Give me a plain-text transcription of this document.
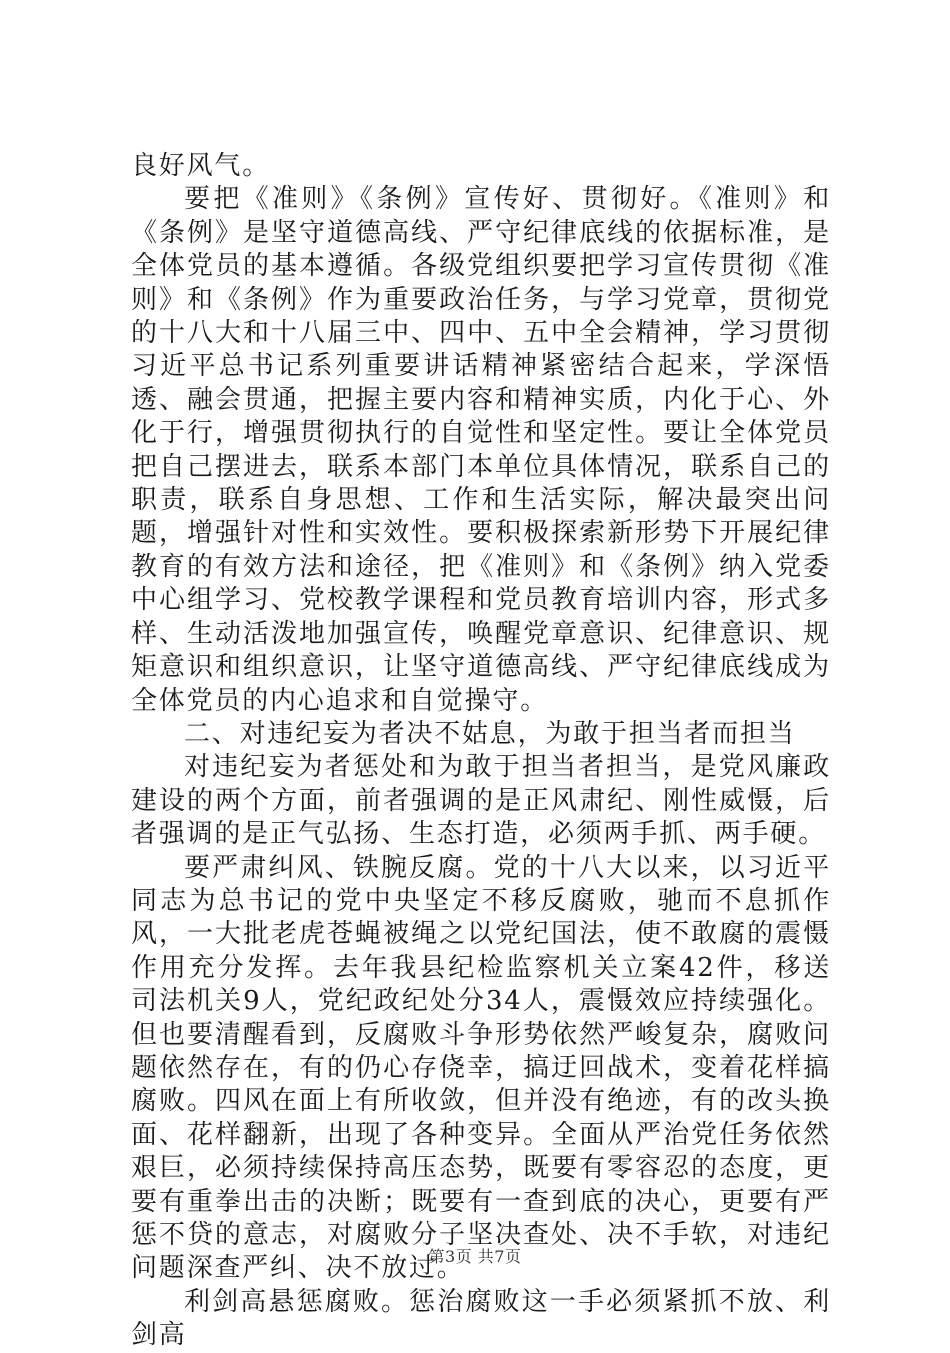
良好风气。

要把《准则》《条例》宣传好、贯彻好。《准则》和《条例》是坚守道德高线、严守纪律底线的依据标准，是全体党员的基本遵循。各级党组织要把学习宣传贯彻《准则》和《条例》作为重要政治任务，与学习党章，贯彻党的十八大和十八届三中、四中、五中全会精神，学习贯彻习近平总书记系列重要讲话精神紧密结合起来，学深悟透、融会贯通，把握主要内容和精神实质，内化于心、外化于行，增强贯彻执行的自觉性和坚定性。要让全体党员把自己摆进去，联系本部门本单位具体情况，联系自己的职责，联系自身思想、工作和生活实际，解决最突出问题，增强针对性和实效性。要积极探索新形势下开展纪律教育的有效方法和途径，把《准则》和《条例》纳入党委中心组学习、党校教学课程和党员教育培训内容，形式多样、生动活泼地加强宣传，唤醒党章意识、纪律意识、规矩意识和组织意识，让坚守道德高线、严守纪律底线成为全体党员的内心追求和自觉操守。

二、对违纪妄为者决不姑息，为敢于担当者而担当

对违纪妄为者惩处和为敢于担当者担当，是党风廉政建设的两个方面，前者强调的是正风肃纪、刚性威慑，后者强调的是正气弘扬、生态打造，必须两手抓、两手硬。

要严肃纠风、铁腕反腐。党的十八大以来，以习近平同志为总书记的党中央坚定不移反腐败，驰而不息抓作风，一大批老虎苍蝇被绳之以党纪国法，使不敢腐的震慑作用充分发挥。去年我县纪检监察机关立案42件，移送司法机关9人，党纪政纪处分34人，震慑效应持续强化。但也要清醒看到，反腐败斗争形势依然严峻复杂，腐败问题依然存在，有的仍心存侥幸，搞迂回战术，变着花样搞腐败。四风在面上有所收敛，但并没有绝迹，有的改头换面、花样翻新，出现了各种变异。全面从严治党任务依然艰巨，必须持续保持高压态势，既要有零容忍的态度，更要有重拳出击的决断；既要有一查到底的决心，更要有严惩不贷的意志，对腐败分子坚决查处、决不手软，对违纪问题深查严纠、决不放过。

利剑高悬惩腐败。惩治腐败这一手必须紧抓不放、利剑高

第3页 共7页
